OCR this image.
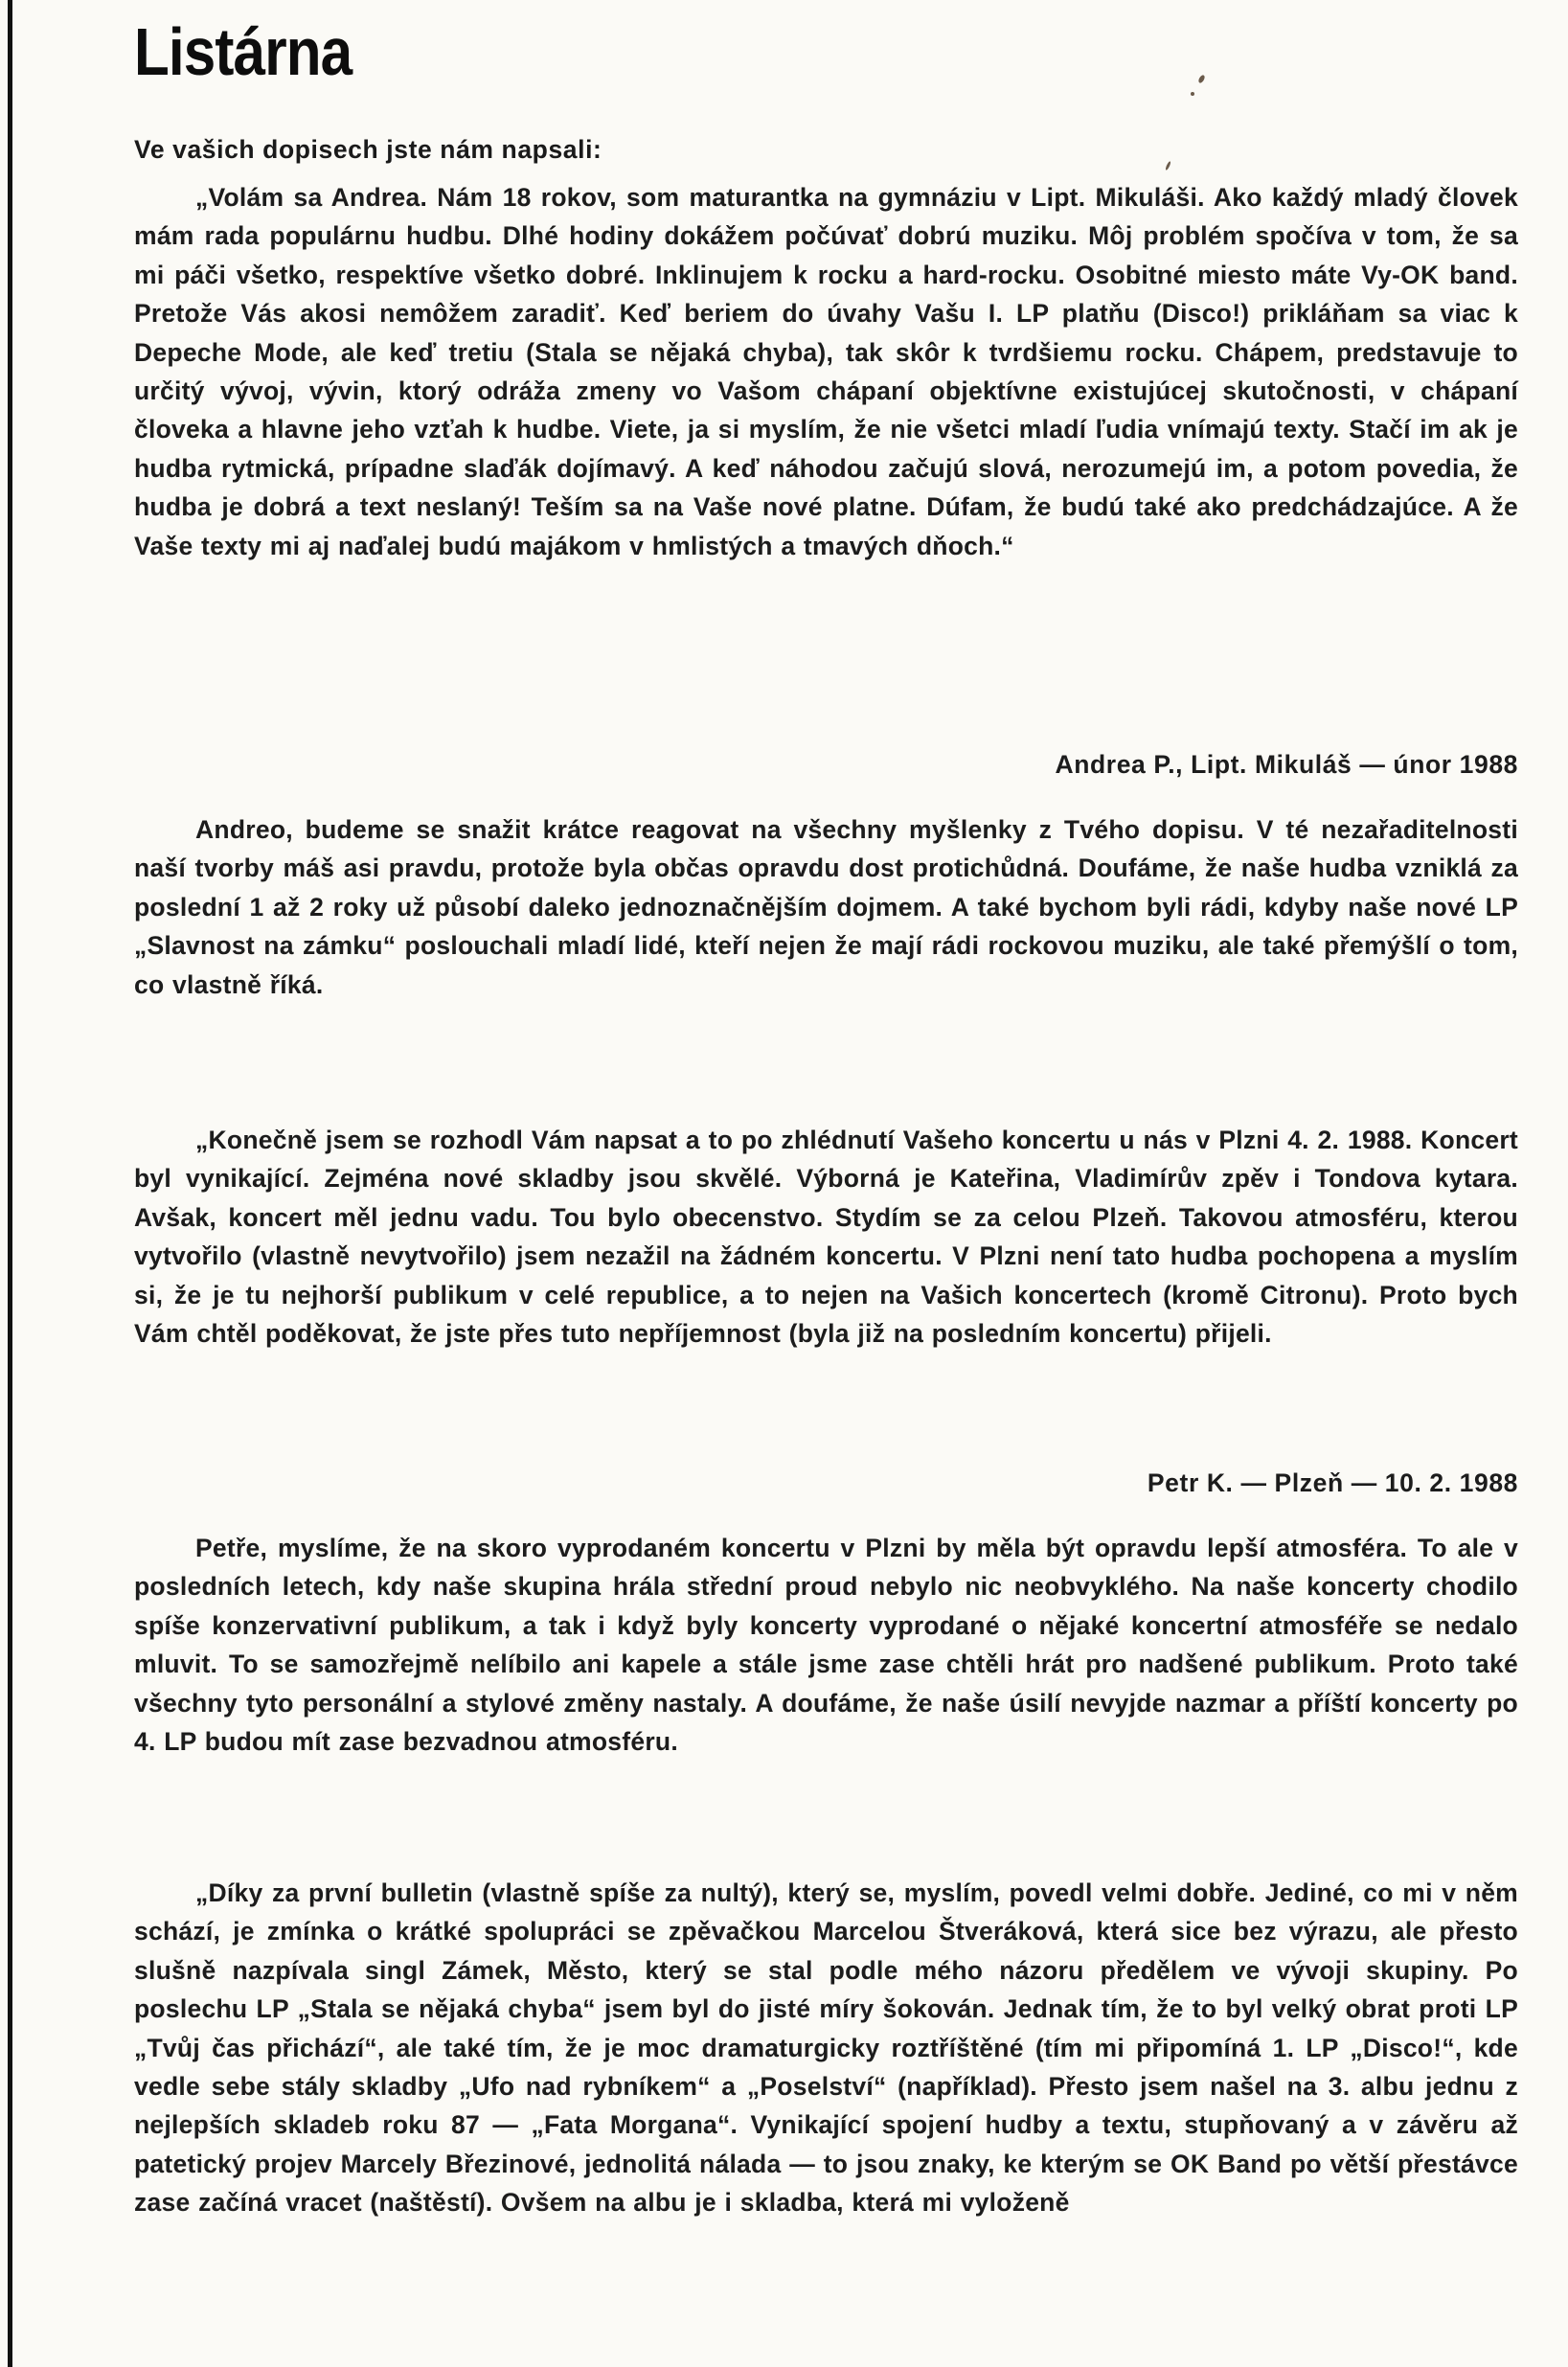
Listárna
Ve vašich dopisech jste nám napsali:

„Volám sa Andrea. Nám 18 rokov, som maturantka na gymnáziu v Lipt. Mikuláši. Ako každý mladý človek mám rada populárnu hudbu. Dlhé hodiny dokážem počúvať dobrú muziku. Môj problém spočíva v tom, že sa mi páči všetko, respektíve všetko dobré. Inklinujem k rocku a hard-rocku. Osobitné miesto máte Vy-OK band. Pretože Vás akosi nemôžem zaradiť. Keď beriem do úvahy Vašu I. LP platňu (Disco!) prikláňam sa viac k Depeche Mode, ale keď tretiu (Stala se nějaká chyba), tak skôr k tvrdšiemu rocku. Chápem, predstavuje to určitý vývoj, vývin, ktorý odráža zmeny vo Vašom chápaní objektívne existujúcej skutočnosti, v chápaní človeka a hlavne jeho vzťah k hudbe. Viete, ja si myslím, že nie všetci mladí ľudia vnímajú texty. Stačí im ak je hudba rytmická, prípadne slaďák dojímavý. A keď náhodou začujú slová, nerozumejú im, a potom povedia, že hudba je dobrá a text neslaný! Teším sa na Vaše nové platne. Dúfam, že budú také ako predchádzajúce. A že Vaše texty mi aj naďalej budú majákom v hmlistých a tmavých dňoch.“

Andrea P., Lipt. Mikuláš — únor 1988

Andreo, budeme se snažit krátce reagovat na všechny myšlenky z Tvého dopisu. V té nezařaditelnosti naší tvorby máš asi pravdu, protože byla občas opravdu dost protichůdná. Doufáme, že naše hudba vzniklá za poslední 1 až 2 roky už působí daleko jednoznačnějším dojmem. A také bychom byli rádi, kdyby naše nové LP „Slavnost na zámku“ poslouchali mladí lidé, kteří nejen že mají rádi rockovou muziku, ale také přemýšlí o tom, co vlastně říká.

„Konečně jsem se rozhodl Vám napsat a to po zhlédnutí Vašeho koncertu u nás v Plzni 4. 2. 1988. Koncert byl vynikající. Zejména nové skladby jsou skvělé. Výborná je Kateřina, Vladimírův zpěv i Tondova kytara. Avšak, koncert měl jednu vadu. Tou bylo obecenstvo. Stydím se za celou Plzeň. Takovou atmosféru, kterou vytvořilo (vlastně nevytvořilo) jsem nezažil na žádném koncertu. V Plzni není tato hudba pochopena a myslím si, že je tu nejhorší publikum v celé republice, a to nejen na Vašich koncertech (kromě Citronu). Proto bych Vám chtěl poděkovat, že jste přes tuto nepříjemnost (byla již na posledním koncertu) přijeli.

Petr K. — Plzeň — 10. 2. 1988

Petře, myslíme, že na skoro vyprodaném koncertu v Plzni by měla být opravdu lepší atmosféra. To ale v posledních letech, kdy naše skupina hrála střední proud nebylo nic neobvyklého. Na naše koncerty chodilo spíše konzervativní publikum, a tak i když byly koncerty vyprodané o nějaké koncertní atmosféře se nedalo mluvit. To se samozřejmě nelíbilo ani kapele a stále jsme zase chtěli hrát pro nadšené publikum. Proto také všechny tyto personální a stylové změny nastaly. A doufáme, že naše úsilí nevyjde nazmar a příští koncerty po 4. LP budou mít zase bezvadnou atmosféru.

„Díky za první bulletin (vlastně spíše za nultý), který se, myslím, povedl velmi dobře. Jediné, co mi v něm schází, je zmínka o krátké spolupráci se zpěvačkou Marcelou Štveráková, která sice bez výrazu, ale přesto slušně nazpívala singl Zámek, Město, který se stal podle mého názoru předělem ve vývoji skupiny. Po poslechu LP „Stala se nějaká chyba“ jsem byl do jisté míry šokován. Jednak tím, že to byl velký obrat proti LP „Tvůj čas přichází“, ale také tím, že je moc dramaturgicky roztříštěné (tím mi připomíná 1. LP „Disco!“, kde vedle sebe stály skladby „Ufo nad rybníkem“ a „Poselství“ (například). Přesto jsem našel na 3. albu jednu z nejlepších skladeb roku 87 — „Fata Morgana“. Vynikající spojení hudby a textu, stupňovaný a v závěru až patetický projev Marcely Březinové, jednolitá nálada — to jsou znaky, ke kterým se OK Band po větší přestávce zase začíná vracet (naštěstí). Ovšem na albu je i skladba, která mi vyloženě
